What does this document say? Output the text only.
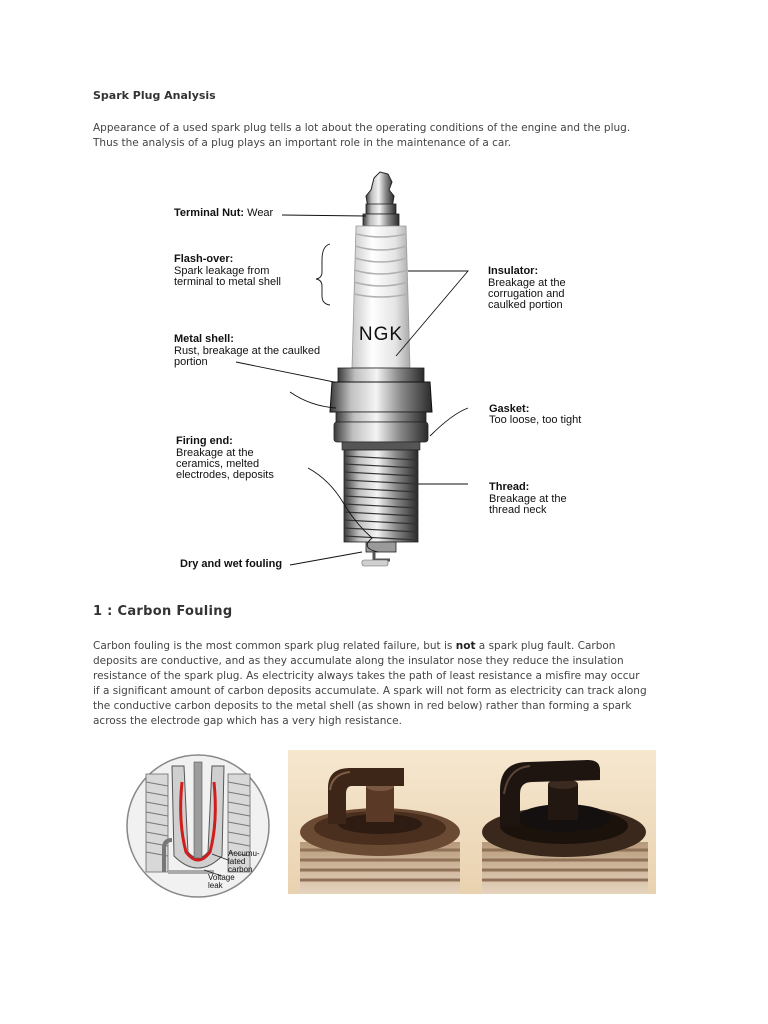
Spark Plug Analysis
Appearance of a used spark plug tells a lot about the operating conditions of the engine and the plug.
Thus the analysis of a plug plays an important role in the maintenance of a car.
NGK
Terminal Nut: Wear
Flash-over:
Spark leakage from
terminal to metal shell
Metal shell:
Rust, breakage at the caulked
portion
Firing end:
Breakage at the
ceramics, melted
electrodes, deposits
Dry and wet fouling
Insulator:
Breakage at the
corrugation and
caulked portion
Gasket:
Too loose, too tight
Thread:
Breakage at the
thread neck
1 : Carbon Fouling
Carbon fouling is the most common spark plug related failure, but is not a spark plug fault. Carbon
deposits are conductive, and as they accumulate along the insulator nose they reduce the insulation
resistance of the spark plug. As electricity always takes the path of least resistance a misfire may occur
if a significant amount of carbon deposits accumulate. A spark will not form as electricity can track along
the conductive carbon deposits to the metal shell (as shown in red below) rather than forming a spark
across the electrode gap which has a very high resistance.
Accumu-
lated
carbon
Voltage
leak
